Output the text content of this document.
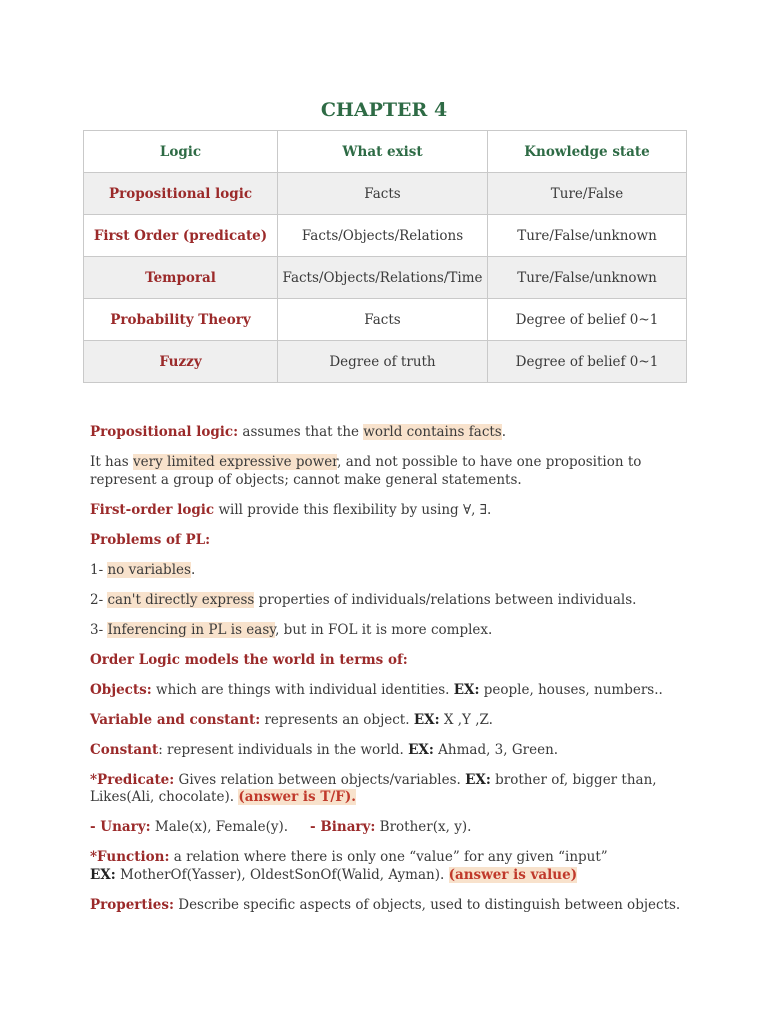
CHAPTER 4
Logic	What exist	Knowledge state
Propositional logic	Facts	Ture/False
First Order (predicate)	Facts/Objects/Relations	Ture/False/unknown
Temporal	Facts/Objects/Relations/Time	Ture/False/unknown
Probability Theory	Facts	Degree of belief 0~1
Fuzzy	Degree of truth	Degree of belief 0~1

Propositional logic: assumes that the world contains facts.

It has very limited expressive power, and not possible to have one proposition to represent a group of objects; cannot make general statements.

First-order logic will provide this flexibility by using ∀, ∃.

Problems of PL:

1- no variables.

2- can't directly express properties of individuals/relations between individuals.

3- Inferencing in PL is easy, but in FOL it is more complex.

Order Logic models the world in terms of:

Objects: which are things with individual identities. EX: people, houses, numbers..

Variable and constant: represents an object. EX: X ,Y ,Z.

Constant: represent individuals in the world. EX: Ahmad, 3, Green.

*Predicate: Gives relation between objects/variables. EX: brother of, bigger than, Likes(Ali, chocolate). (answer is T/F).

- Unary: Male(x), Female(y). - Binary: Brother(x, y).

*Function: a relation where there is only one “value” for any given “input”
EX: MotherOf(Yasser), OldestSonOf(Walid, Ayman). (answer is value)

Properties: Describe specific aspects of objects, used to distinguish between objects.
